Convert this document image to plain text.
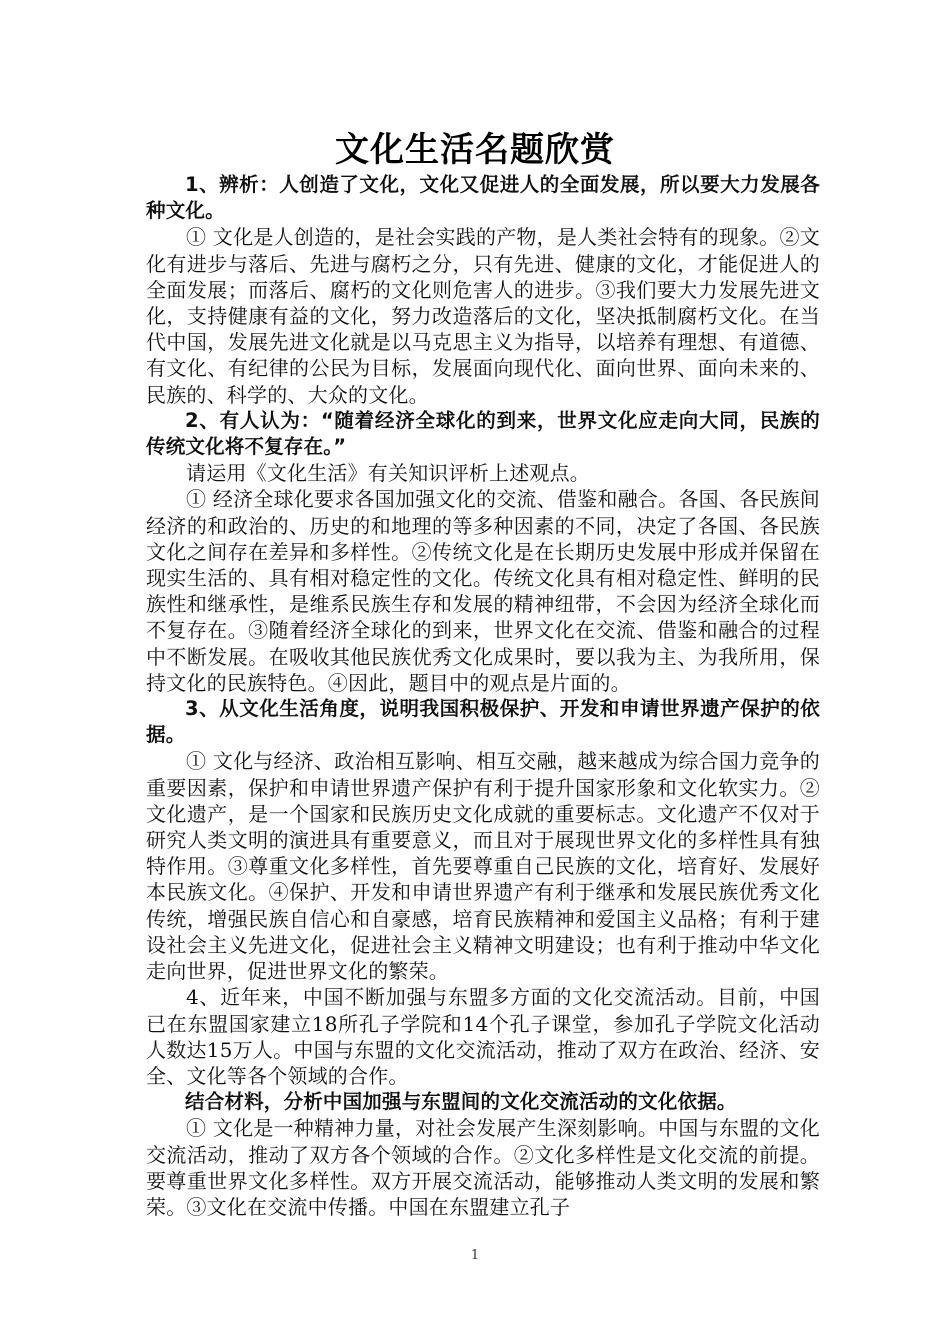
文化生活名题欣赏

1、辨析：人创造了文化，文化又促进人的全面发展，所以要大力发展各种文化。

① 文化是人创造的，是社会实践的产物，是人类社会特有的现象。②文化有进步与落后、先进与腐朽之分，只有先进、健康的文化，才能促进人的全面发展；而落后、腐朽的文化则危害人的进步。③我们要大力发展先进文化，支持健康有益的文化，努力改造落后的文化，坚决抵制腐朽文化。在当代中国，发展先进文化就是以马克思主义为指导，以培养有理想、有道德、有文化、有纪律的公民为目标，发展面向现代化、面向世界、面向未来的、民族的、科学的、大众的文化。

2、有人认为：“随着经济全球化的到来，世界文化应走向大同，民族的传统文化将不复存在。”

请运用《文化生活》有关知识评析上述观点。

① 经济全球化要求各国加强文化的交流、借鉴和融合。各国、各民族间经济的和政治的、历史的和地理的等多种因素的不同，决定了各国、各民族文化之间存在差异和多样性。②传统文化是在长期历史发展中形成并保留在现实生活的、具有相对稳定性的文化。传统文化具有相对稳定性、鲜明的民族性和继承性，是维系民族生存和发展的精神纽带，不会因为经济全球化而不复存在。③随着经济全球化的到来，世界文化在交流、借鉴和融合的过程中不断发展。在吸收其他民族优秀文化成果时，要以我为主、为我所用，保持文化的民族特色。④因此，题目中的观点是片面的。

3、从文化生活角度，说明我国积极保护、开发和申请世界遗产保护的依据。

① 文化与经济、政治相互影响、相互交融，越来越成为综合国力竞争的重要因素，保护和申请世界遗产保护有利于提升国家形象和文化软实力。②文化遗产，是一个国家和民族历史文化成就的重要标志。文化遗产不仅对于研究人类文明的演进具有重要意义，而且对于展现世界文化的多样性具有独特作用。③尊重文化多样性，首先要尊重自己民族的文化，培育好、发展好本民族文化。④保护、开发和申请世界遗产有利于继承和发展民族优秀文化传统，增强民族自信心和自豪感，培育民族精神和爱国主义品格；有利于建设社会主义先进文化，促进社会主义精神文明建设；也有利于推动中华文化走向世界，促进世界文化的繁荣。

4、近年来，中国不断加强与东盟多方面的文化交流活动。目前，中国已在东盟国家建立18所孔子学院和14个孔子课堂，参加孔子学院文化活动人数达15万人。中国与东盟的文化交流活动，推动了双方在政治、经济、安全、文化等各个领域的合作。

结合材料，分析中国加强与东盟间的文化交流活动的文化依据。

① 文化是一种精神力量，对社会发展产生深刻影响。中国与东盟的文化交流活动，推动了双方各个领域的合作。②文化多样性是文化交流的前提。要尊重世界文化多样性。双方开展交流活动，能够推动人类文明的发展和繁荣。③文化在交流中传播。中国在东盟建立孔子

1
